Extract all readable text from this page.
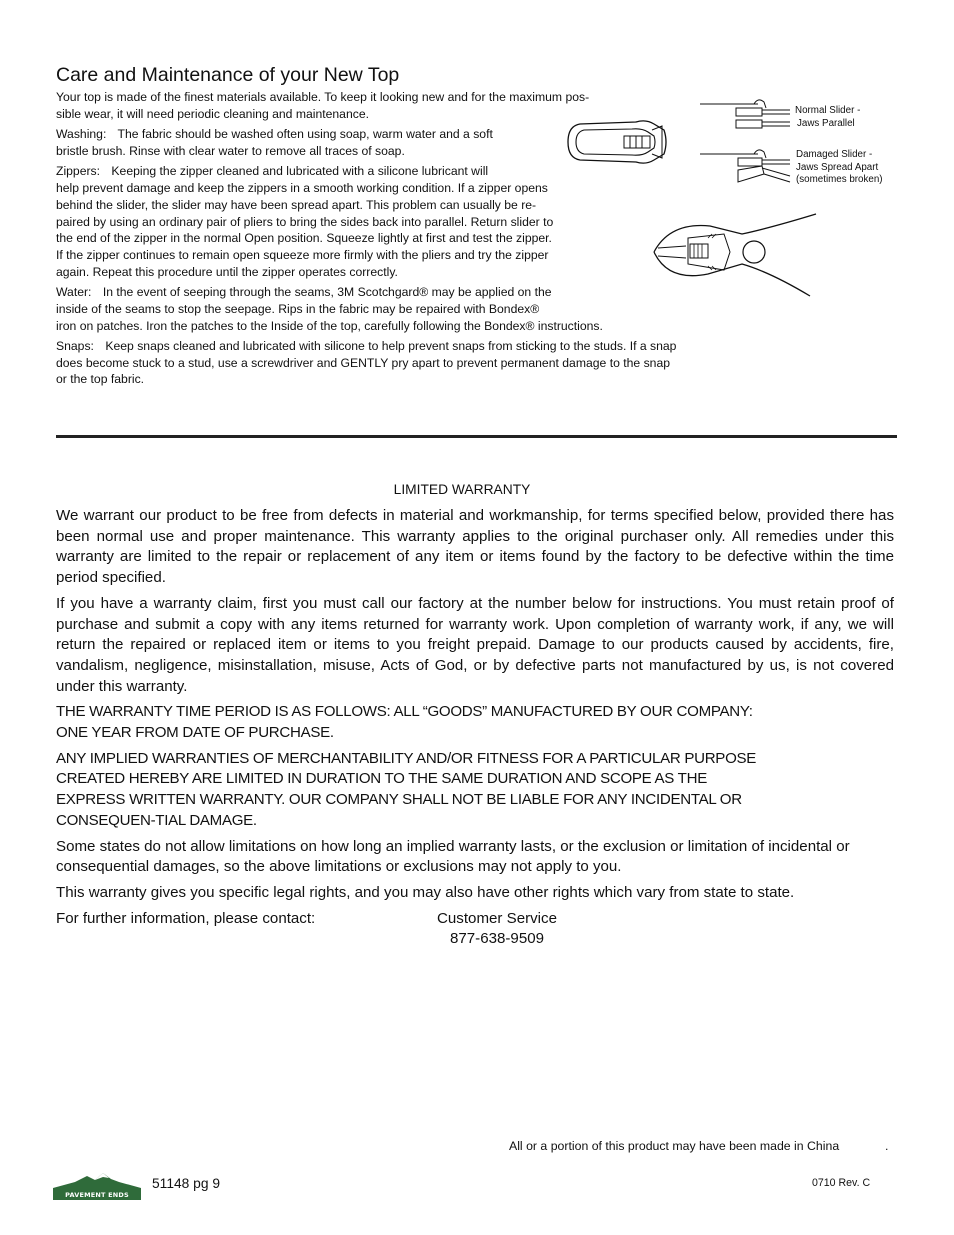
Care and Maintenance of your New Top

Your top is made of the finest materials available. To keep it looking new and for the maximum pos-
sible wear, it will need periodic cleaning and maintenance.

Washing: The fabric should be washed often using soap, warm water and a soft
bristle brush. Rinse with clear water to remove all traces of soap.

Zippers: Keeping the zipper cleaned and lubricated with a silicone lubricant will
help prevent damage and keep the zippers in a smooth working condition. If a zipper opens
behind the slider, the slider may have been spread apart. This problem can usually be re-
paired by using an ordinary pair of pliers to bring the sides back into parallel. Return slider to
the end of the zipper in the normal Open position. Squeeze lightly at first and test the zipper.
If the zipper continues to remain open squeeze more firmly with the pliers and try the zipper
again. Repeat this procedure until the zipper operates correctly.

Water: In the event of seeping through the seams, 3M Scotchgard® may be applied on the
inside of the seams to stop the seepage. Rips in the fabric may be repaired with Bondex®
iron on patches. Iron the patches to the Inside of the top, carefully following the Bondex® instructions.

Snaps: Keep snaps cleaned and lubricated with silicone to help prevent snaps from sticking to the studs. If a snap
does become stuck to a stud, use a screwdriver and GENTLY pry apart to prevent permanent damage to the snap
or the top fabric.

Normal Slider -
Jaws Parallel
Damaged Slider -
Jaws Spread Apart
(sometimes broken)
LIMITED WARRANTY

We warrant our product to be free from defects in material and workmanship, for terms specified below, provided there has been normal use and proper maintenance. This warranty applies to the original purchaser only. All remedies under this warranty are limited to the repair or replacement of any item or items found by the factory to be defective within the time period specified.

If you have a warranty claim, first you must call our factory at the number below for instructions. You must retain proof of purchase and submit a copy with any items returned for warranty work. Upon completion of warranty work, if any, we will return the repaired or replaced item or items to you freight prepaid. Damage to our products caused by accidents, fire, vandalism, negligence, misinstallation, misuse, Acts of God, or by defective parts not manufactured by us, is not covered under this warranty.

THE WARRANTY TIME PERIOD IS AS FOLLOWS: ALL “GOODS” MANUFACTURED BY OUR COMPANY: ONE YEAR FROM DATE OF PURCHASE.

ANY IMPLIED WARRANTIES OF MERCHANTABILITY AND/OR FITNESS FOR A PARTICULAR PURPOSE CREATED HEREBY ARE LIMITED IN DURATION TO THE SAME DURATION AND SCOPE AS THE EXPRESS WRITTEN WARRANTY. OUR COMPANY SHALL NOT BE LIABLE FOR ANY INCIDENTAL OR CONSEQUEN-TIAL DAMAGE.

Some states do not allow limitations on how long an implied warranty lasts, or the exclusion or limitation of incidental or consequential damages, so the above limitations or exclusions may not apply to you.

This warranty gives you specific legal rights, and you may also have other rights which vary from state to state.

For further information, please contact:	Customer Service
877-638-9509
All or a portion of this product may have been made in China	.
PAVEMENT ENDS
51148 pg 9	0710 Rev. C
